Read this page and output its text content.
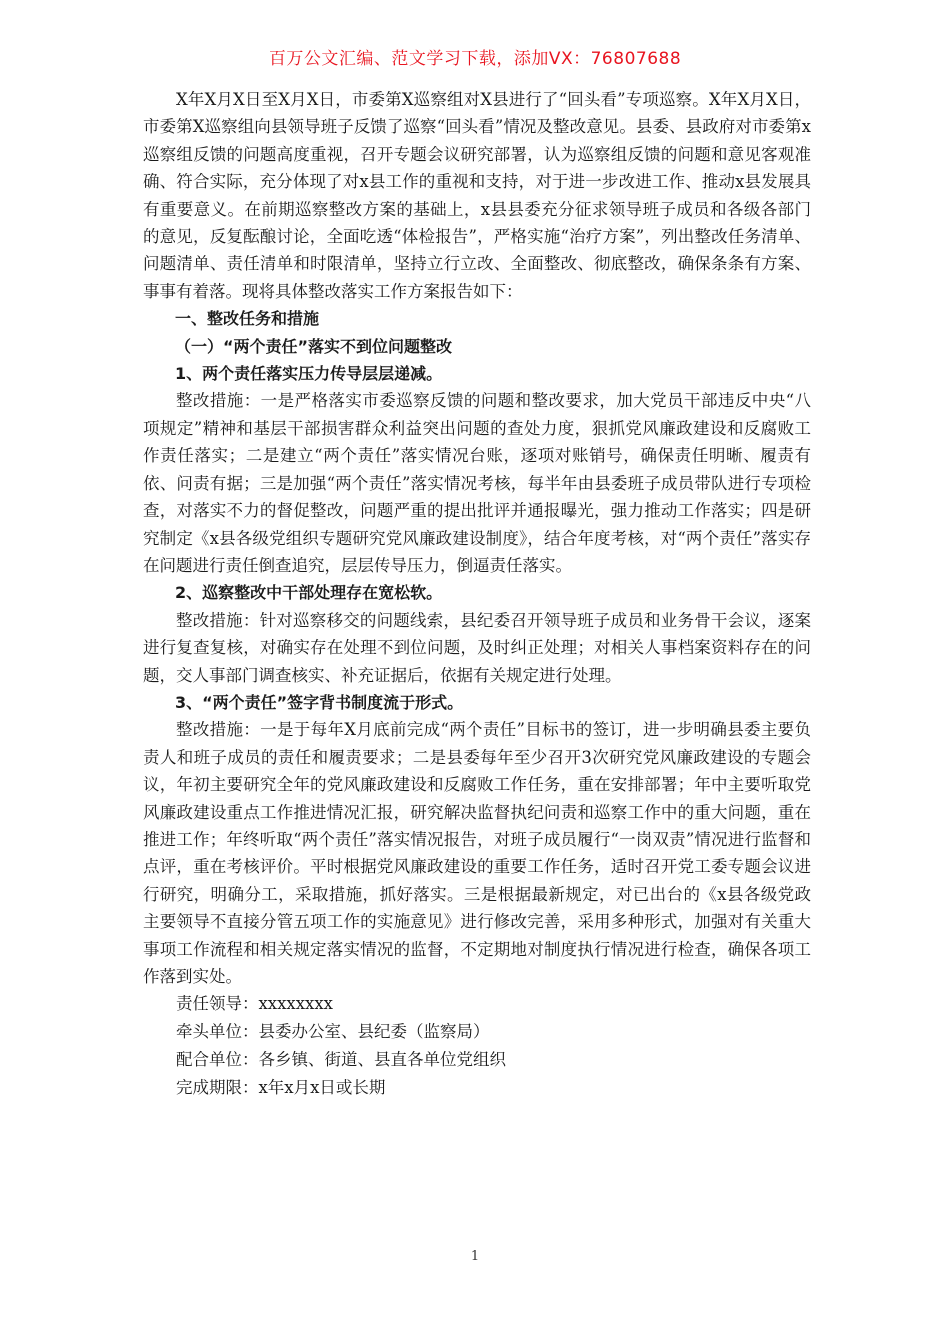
百万公文汇编、范文学习下载，添加VX：76807688

X年X月X日至X月X日，市委第X巡察组对X县进行了“回头看”专项巡察。X年X月X日，市委第X巡察组向县领导班子反馈了巡察“回头看”情况及整改意见。县委、县政府对市委第x巡察组反馈的问题高度重视，召开专题会议研究部署，认为巡察组反馈的问题和意见客观准确、符合实际，充分体现了对x县工作的重视和支持，对于进一步改进工作、推动x县发展具有重要意义。在前期巡察整改方案的基础上，x县县委充分征求领导班子成员和各级各部门的意见，反复酝酿讨论，全面吃透“体检报告”，严格实施“治疗方案”，列出整改任务清单、问题清单、责任清单和时限清单，坚持立行立改、全面整改、彻底整改，确保条条有方案、事事有着落。现将具体整改落实工作方案报告如下：

一、整改任务和措施

（一）“两个责任”落实不到位问题整改

1、两个责任落实压力传导层层递减。

整改措施：一是严格落实市委巡察反馈的问题和整改要求，加大党员干部违反中央“八项规定”精神和基层干部损害群众利益突出问题的查处力度，狠抓党风廉政建设和反腐败工作责任落实；二是建立“两个责任”落实情况台账，逐项对账销号，确保责任明晰、履责有依、问责有据；三是加强“两个责任”落实情况考核，每半年由县委班子成员带队进行专项检查，对落实不力的督促整改，问题严重的提出批评并通报曝光，强力推动工作落实；四是研究制定《x县各级党组织专题研究党风廉政建设制度》，结合年度考核，对“两个责任”落实存在问题进行责任倒查追究，层层传导压力，倒逼责任落实。

2、巡察整改中干部处理存在宽松软。

整改措施：针对巡察移交的问题线索，县纪委召开领导班子成员和业务骨干会议，逐案进行复查复核，对确实存在处理不到位问题，及时纠正处理；对相关人事档案资料存在的问题，交人事部门调查核实、补充证据后，依据有关规定进行处理。

3、“两个责任”签字背书制度流于形式。

整改措施：一是于每年X月底前完成“两个责任”目标书的签订，进一步明确县委主要负责人和班子成员的责任和履责要求；二是县委每年至少召开3次研究党风廉政建设的专题会议，年初主要研究全年的党风廉政建设和反腐败工作任务，重在安排部署；年中主要听取党风廉政建设重点工作推进情况汇报，研究解决监督执纪问责和巡察工作中的重大问题，重在推进工作；年终听取“两个责任”落实情况报告，对班子成员履行“一岗双责”情况进行监督和点评，重在考核评价。平时根据党风廉政建设的重要工作任务，适时召开党工委专题会议进行研究，明确分工，采取措施，抓好落实。三是根据最新规定，对已出台的《x县各级党政主要领导不直接分管五项工作的实施意见》进行修改完善，采用多种形式，加强对有关重大事项工作流程和相关规定落实情况的监督，不定期地对制度执行情况进行检查，确保各项工作落到实处。

责任领导：xxxxxxxx

牵头单位：县委办公室、县纪委（监察局）

配合单位：各乡镇、街道、县直各单位党组织

完成期限：x年x月x日或长期

1
